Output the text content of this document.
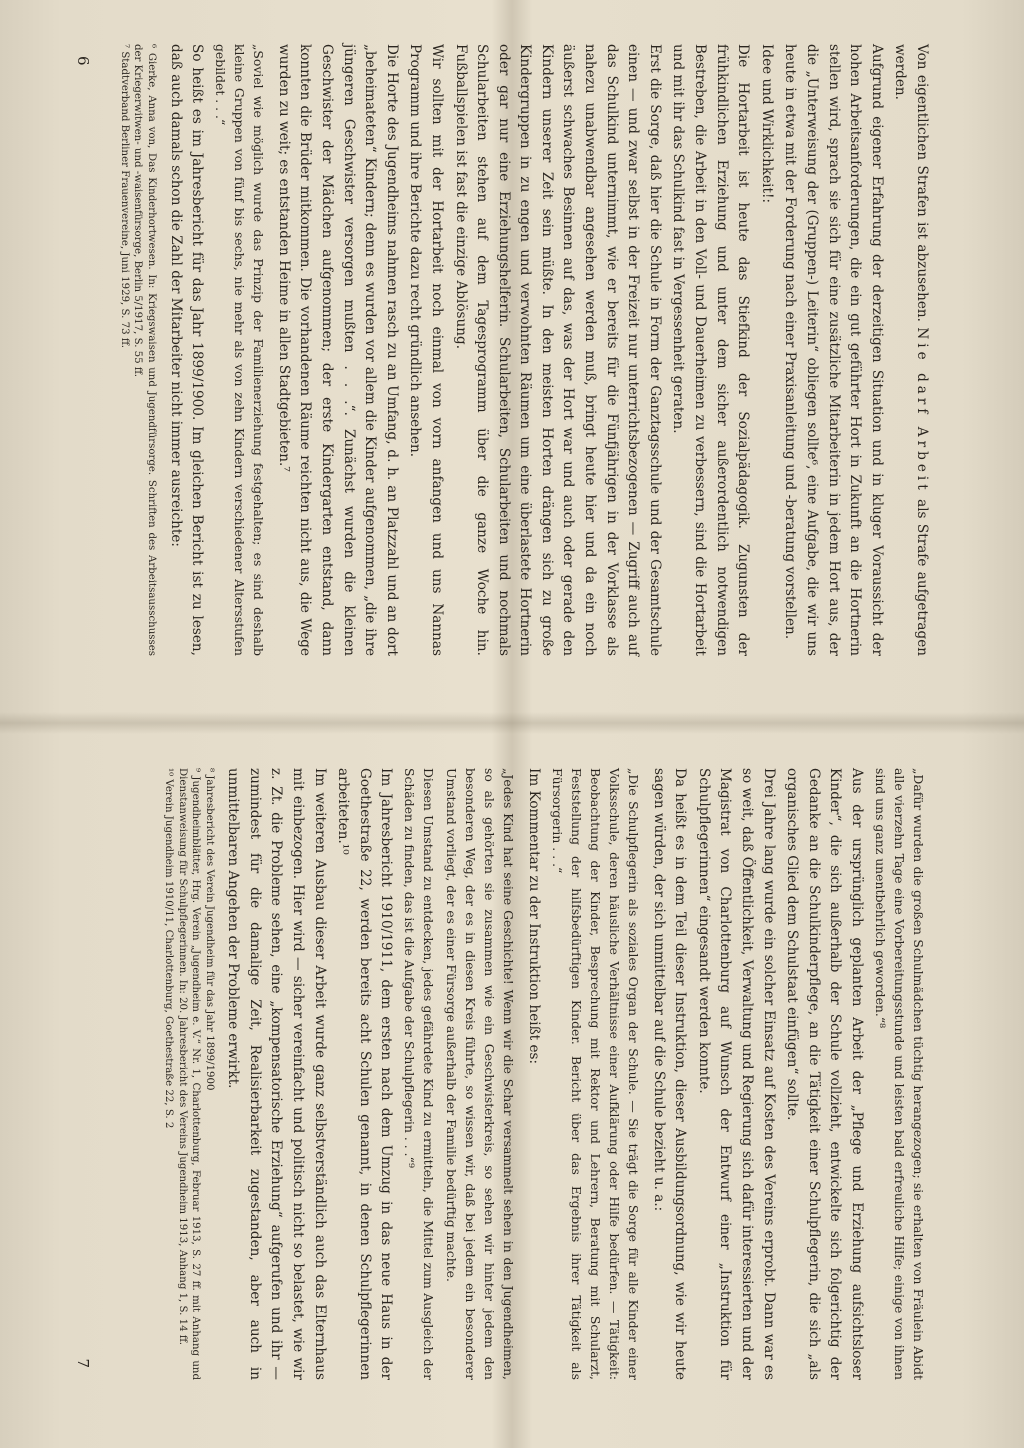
Von eigentlichen Strafen ist abzusehen. Nie darf Arbeit als Strafe aufgetragen werden.

Aufgrund eigener Erfahrung der derzeitigen Situation und in kluger Voraussicht der hohen Arbeitsanforderungen, die ein gut geführter Hort in Zukunft an die Hortnerin stellen wird, sprach sie sich für eine zusätzliche Mitarbeiterin in jedem Hort aus, der die „Unterweisung der (Gruppen-) Leiterin“ obliegen sollte⁶, eine Aufgabe, die wir uns heute in etwa mit der Forderung nach einer Praxisanleitung und -beratung vorstellen.

Idee und Wirklichkeit!:

Die Hortarbeit ist heute das Stiefkind der Sozialpädagogik. Zugunsten der frühkindlichen Erziehung und unter dem sicher außerordentlich notwendigen Bestreben, die Arbeit in den Voll- und Dauerheimen zu verbessern, sind die Hortarbeit und mit ihr das Schulkind fast in Vergessenheit geraten.

Erst die Sorge, daß hier die Schule in Form der Ganztagsschule und der Gesamtschule einen — und zwar selbst in der Freizeit nur unterrichtsbezogenen — Zugriff auch auf das Schulkind unternimmt, wie er bereits für die Fünfjährigen in der Vorklasse als nahezu unabwendbar angesehen werden muß, bringt heute hier und da ein noch äußerst schwaches Besinnen auf das, was der Hort war und auch oder gerade den Kindern unserer Zeit sein müßte. In den meisten Horten drängen sich zu große Kindergruppen in zu engen und verwohnten Räumen um eine überlastete Hortnerin oder gar nur eine Erziehungshelferin. Schularbeiten, Schularbeiten und nochmals Schularbeiten stehen auf dem Tagesprogramm über die ganze Woche hin. Fußballspielen ist fast die einzige Ablösung.

Wir sollten mit der Hortarbeit noch einmal von vorn anfangen und uns Nannas Programm und ihre Berichte dazu recht gründlich ansehen.

Die Horte des Jugendheims nahmen rasch zu an Umfang, d. h. an Platzzahl und an dort „beheimateten“ Kindern; denn es wurden vor allem die Kinder aufgenommen, „die ihre jüngeren Geschwister versorgen mußten . . .“. Zunächst wurden die kleinen Geschwister der Mädchen aufgenommen; der erste Kindergarten entstand, dann konnten die Brüder mitkommen. Die vorhandenen Räume reichten nicht aus, die Wege wurden zu weit; es entstanden Heime in allen Stadtgebieten.⁷

„Soviel wie möglich wurde das Prinzip der Familienerziehung festgehalten; es sind deshalb kleine Gruppen von fünf bis sechs, nie mehr als von zehn Kindern verschiedener Altersstufen gebildet . . .“

So heißt es im Jahresbericht für das Jahr 1899/1900. Im gleichen Bericht ist zu lesen, daß auch damals schon die Zahl der Mitarbeiter nicht immer ausreichte:

⁶ Gierke, Anna von, Das Kinderhortwesen. In: Kriegswaisen und Jugendfürsorge. Schriften des Arbeitsausschusses der Kriegerwitwen- und -waisenfürsorge, Berlin 5/1917, S. 55 ff.

⁷ Stadtverband Berliner Frauenvereine, Juni 1929, S. 73 ff.

6

„Dafür wurden die großen Schulmädchen tüchtig herangezogen; sie erhalten von Fräulein Abidt alle vierzehn Tage eine Vorbereitungsstunde und leisten bald erfreuliche Hilfe; einige von ihnen sind uns ganz unentbehrlich geworden.“⁸

Aus der ursprünglich geplanten Arbeit der „Pflege und Erziehung aufsichtsloser Kinder“, die sich außerhalb der Schule vollzieht, entwickelte sich folgerichtig der Gedanke an die Schulkinderpflege, an die Tätigkeit einer Schulpflegerin, die sich „als organisches Glied dem Schulstaat einfügen“ sollte.

Drei Jahre lang wurde ein solcher Einsatz auf Kosten des Vereins erprobt. Dann war es so weit, daß Öffentlichkeit, Verwaltung und Regierung sich dafür interessierten und der Magistrat von Charlottenburg auf Wunsch der Entwurf einer „Instruktion für Schulpflegerinnen“ eingesandt werden konnte.

Da heißt es in dem Teil dieser Instruktion, dieser Ausbildungsordnung, wie wir heute sagen würden, der sich unmittelbar auf die Schule bezieht u. a.:

„Die Schulpflegerin als soziales Organ der Schule. — Sie trägt die Sorge für alle Kinder einer Volksschule, deren häusliche Verhältnisse einer Aufklärung oder Hilfe bedürfen. — Tätigkeit: Beobachtung der Kinder, Besprechung mit Rektor und Lehrern, Beratung mit Schularzt, Feststellung der hilfsbedürftigen Kinder. Bericht über das Ergebnis ihrer Tätigkeit als Fürsorgerin . . .“

Im Kommentar zu der Instruktion heißt es:

„Jedes Kind hat seine Geschichte! Wenn wir die Schar versammelt sehen in den Jugendheimen, so als gehörten sie zusammen wie ein Geschwisterkreis, so sehen wir hinter jedem den besonderen Weg, der es in diesen Kreis führte, so wissen wir, daß bei jedem ein besonderer Umstand vorliegt, der es einer Fürsorge außerhalb der Familie bedürftig machte.

Diesen Umstand zu entdecken, jedes gefährdete Kind zu ermitteln, die Mittel zum Ausgleich der Schäden zu finden, das ist die Aufgabe der Schulpflegerin . . .“⁹

Im Jahresbericht 1910/1911, dem ersten nach dem Umzug in das neue Haus in der Goethestraße 22, werden bereits acht Schulen genannt, in denen Schulpflegerinnen arbeiteten.¹⁰

Im weiteren Ausbau dieser Arbeit wurde ganz selbstverständlich auch das Elternhaus mit einbezogen. Hier wird — sicher vereinfacht und politisch nicht so belastet, wie wir z. Zt. die Probleme sehen, eine „kompensatorische Erziehung“ aufgerufen und ihr — zumindest für die damalige Zeit, Realisierbarkeit zugestanden, aber auch in unmittelbaren Angehen der Probleme erwirkt.

⁸ Jahresbericht des Verein Jugendheim für das Jahr 1899/1900

⁹ Jugendheimblätter, Hrg. Verein „Jugendheim e. V.“ Nr. 1, Charlottenburg, Februar 1913, S. 27 ff. mit Anhang und Dienstanweisung für Schulpflegerinnen. In: 20. Jahresbericht des Vereins Jugendheim 1913, Anhang 1, S. 14 ff.

¹⁰ Verein Jugendheim 1910/11, Charlottenburg, Goethestraße 22, S. 2

7
